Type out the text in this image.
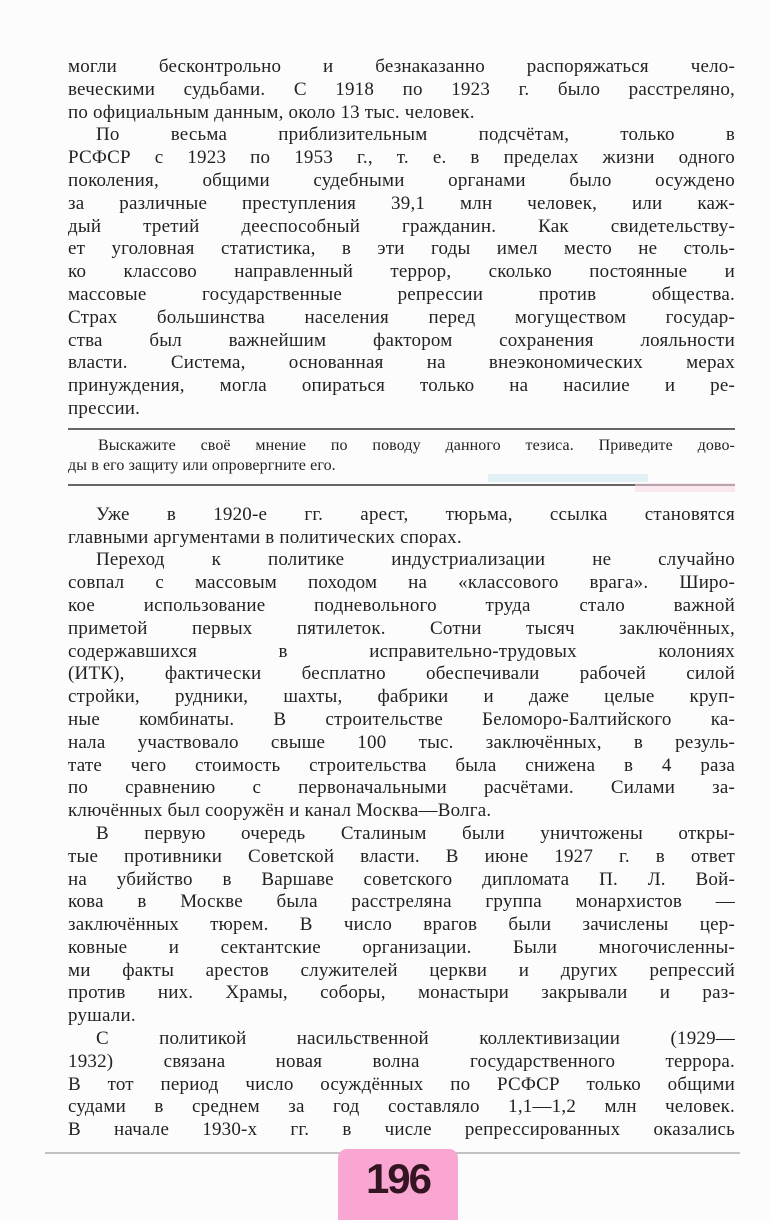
могли бесконтрольно и безнаказанно распоряжаться чело-
веческими судьбами. С 1918 по 1923 г. было расстреляно,
по официальным данным, около 13 тыс. человек.
По весьма приблизительным подсчётам, только в
РСФСР с 1923 по 1953 г., т. е. в пределах жизни одного
поколения, общими судебными органами было осуждено
за различные преступления 39,1 млн человек, или каж-
дый третий дееспособный гражданин. Как свидетельству-
ет уголовная статистика, в эти годы имел место не столь-
ко классово направленный террор, сколько постоянные и
массовые государственные репрессии против общества.
Страх большинства населения перед могуществом государ-
ства был важнейшим фактором сохранения лояльности
власти. Система, основанная на внеэкономических мерах
принуждения, могла опираться только на насилие и ре-
прессии.
Выскажите своё мнение по поводу данного тезиса. Приведите дово-
ды в его защиту или опровергните его.
Уже в 1920-е гг. арест, тюрьма, ссылка становятся
главными аргументами в политических спорах.
Переход к политике индустриализации не случайно
совпал с массовым походом на «классового врага». Широ-
кое использование подневольного труда стало важной
приметой первых пятилеток. Сотни тысяч заключённых,
содержавшихся в исправительно-трудовых колониях
(ИТК), фактически бесплатно обеспечивали рабочей силой
стройки, рудники, шахты, фабрики и даже целые круп-
ные комбинаты. В строительстве Беломоро-Балтийского ка-
нала участвовало свыше 100 тыс. заключённых, в резуль-
тате чего стоимость строительства была снижена в 4 раза
по сравнению с первоначальными расчётами. Силами за-
ключённых был сооружён и канал Москва—Волга.
В первую очередь Сталиным были уничтожены откры-
тые противники Советской власти. В июне 1927 г. в ответ
на убийство в Варшаве советского дипломата П. Л. Вой-
кова в Москве была расстреляна группа монархистов —
заключённых тюрем. В число врагов были зачислены цер-
ковные и сектантские организации. Были многочисленны-
ми факты арестов служителей церкви и других репрессий
против них. Храмы, соборы, монастыри закрывали и раз-
рушали.
С политикой насильственной коллективизации (1929—
1932) связана новая волна государственного террора.
В тот период число осуждённых по РСФСР только общими
судами в среднем за год составляло 1,1—1,2 млн человек.
В начале 1930-х гг. в числе репрессированных оказались
196
